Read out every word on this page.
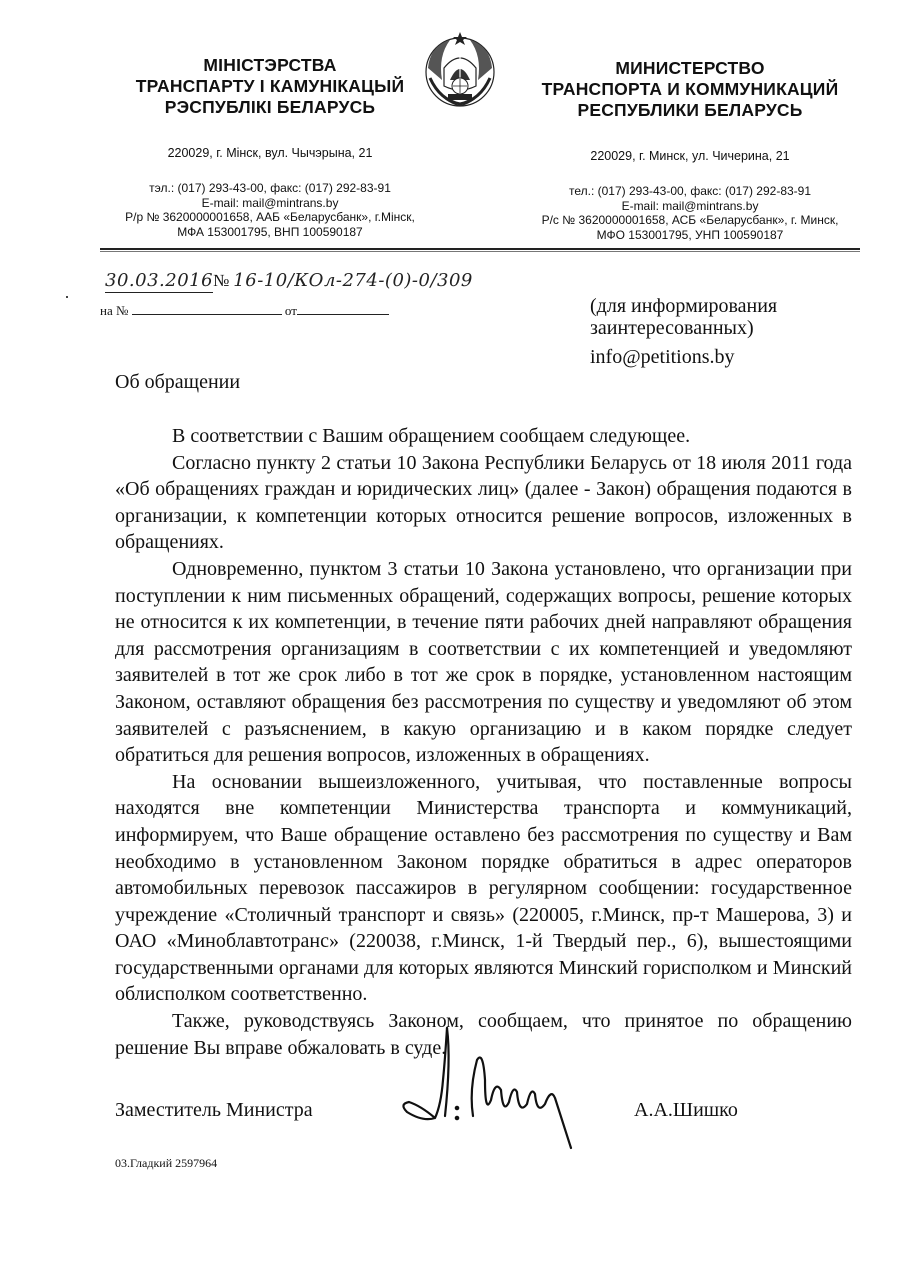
МІНІСТЭРСТВА
ТРАНСПАРТУ І КАМУНІКАЦЫЙ
РЭСПУБЛІКІ БЕЛАРУСЬ
220029, г. Мінск, вул. Чычэрына, 21
тэл.: (017) 293-43-00, факс: (017) 292-83-91
E-mail: mail@mintrans.by
Р/р № 3620000001658, ААБ «Беларусбанк», г.Мінск,
МФА 153001795, ВНП 100590187
МИНИСТЕРСТВО
ТРАНСПОРТА И КОММУНИКАЦИЙ
РЕСПУБЛИКИ БЕЛАРУСЬ
220029, г. Минск, ул. Чичерина, 21
тел.: (017) 293-43-00, факс: (017) 292-83-91
E-mail: mail@mintrans.by
Р/с № 3620000001658, АСБ «Беларусбанк», г. Минск,
МФО 153001795, УНП 100590187
30.03.2016№ 16-10/КОл-274-(0)-0/309
на №	от	(для информирования
заинтересованных)
info@petitions.by
Об обращении

В соответствии с Вашим обращением сообщаем следующее.

Согласно пункту 2 статьи 10 Закона Республики Беларусь от 18 июля 2011 года «Об обращениях граждан и юридических лиц» (далее - Закон) обращения подаются в организации, к компетенции которых относится решение вопросов, изложенных в обращениях.

Одновременно, пунктом 3 статьи 10 Закона установлено, что организации при поступлении к ним письменных обращений, содержащих вопросы, решение которых не относится к их компетенции, в течение пяти рабочих дней направляют обращения для рассмотрения организациям в соответствии с их компетенцией и уведомляют заявителей в тот же срок либо в тот же срок в порядке, установленном настоящим Законом, оставляют обращения без рассмотрения по существу и уведомляют об этом заявителей с разъяснением, в какую организацию и в каком порядке следует обратиться для решения вопросов, изложенных в обращениях.

На основании вышеизложенного, учитывая, что поставленные вопросы находятся вне компетенции Министерства транспорта и коммуникаций, информируем, что Ваше обращение оставлено без рассмотрения по существу и Вам необходимо в установленном Законом порядке обратиться в адрес операторов автомобильных перевозок пассажиров в регулярном сообщении: государственное учреждение «Столичный транспорт и связь» (220005, г.Минск, пр-т Машерова, 3) и ОАО «Миноблавтотранс» (220038, г.Минск, 1-й Твердый пер., 6), вышестоящими государственными органами для которых являются Минский горисполком и Минский облисполком соответственно.

Также, руководствуясь Законом, сообщаем, что принятое по обращению решение Вы вправе обжаловать в суде.

Заместитель Министра	А.А.Шишко
03.Гладкий 2597964
